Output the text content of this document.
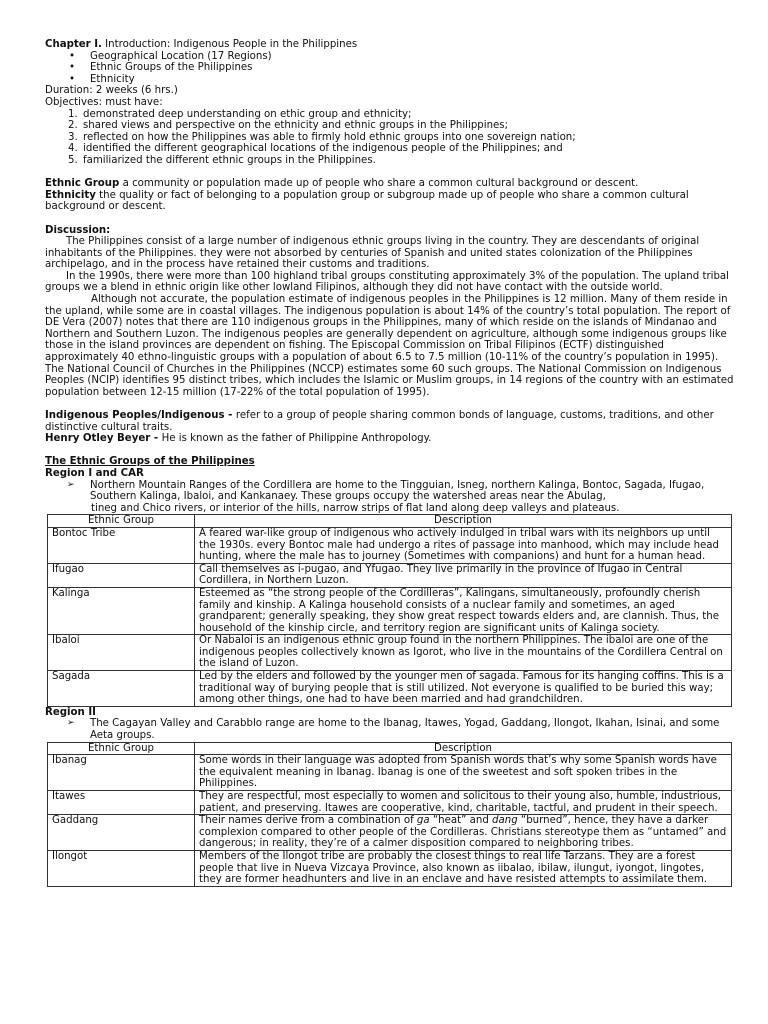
Chapter I. Introduction: Indigenous People in the Philippines

• Geographical Location (17 Regions)
• Ethnic Groups of the Philippines
• Ethnicity

Duration: 2 weeks (6 hrs.)

Objectives: must have:

1. demonstrated deep understanding on ethic group and ethnicity;
2. shared views and perspective on the ethnicity and ethnic groups in the Philippines;
3. reflected on how the Philippines was able to firmly hold ethnic groups into one sovereign nation;
4. identified the different geographical locations of the indigenous people of the Philippines; and
5. familiarized the different ethnic groups in the Philippines.

Ethnic Group a community or population made up of people who share a common cultural background or descent.

Ethnicity the quality or fact of belonging to a population group or subgroup made up of people who share a common cultural background or descent.

Discussion:

The Philippines consist of a large number of indigenous ethnic groups living in the country. They are descendants of original inhabitants of the Philippines. they were not absorbed by centuries of Spanish and united states colonization of the Philippines archipelago, and in the process have retained their customs and traditions.

In the 1990s, there were more than 100 highland tribal groups constituting approximately 3% of the population. The upland tribal groups we a blend in ethnic origin like other lowland Filipinos, although they did not have contact with the outside world.

Although not accurate, the population estimate of indigenous peoples in the Philippines is 12 million. Many of them reside in the upland, while some are in coastal villages. The indigenous population is about 14% of the country’s total population. The report of DE Vera (2007) notes that there are 110 indigenous groups in the Philippines, many of which reside on the islands of Mindanao and Northern and Southern Luzon. The indigenous peoples are generally dependent on agriculture, although some indigenous groups like those in the island provinces are dependent on fishing. The Episcopal Commission on Tribal Filipinos (ECTF) distinguished approximately 40 ethno-linguistic groups with a population of about 6.5 to 7.5 million (10-11% of the country’s population in 1995). The National Council of Churches in the Philippines (NCCP) estimates some 60 such groups. The National Commission on Indigenous Peoples (NCIP) identifies 95 distinct tribes, which includes the Islamic or Muslim groups, in 14 regions of the country with an estimated population between 12-15 million (17-22% of the total population of 1995).

Indigenous Peoples/Indigenous - refer to a group of people sharing common bonds of language, customs, traditions, and other distinctive cultural traits.

Henry Otley Beyer - He is known as the father of Philippine Anthropology.

The Ethnic Groups of the Philippines

Region I and CAR

➢	Northern Mountain Ranges of the Cordillera are home to the Tingguian, Isneg, northern Kalinga, Bontoc, Sagada, Ifugao, Southern Kalinga, Ibaloi, and Kankanaey. These groups occupy the watershed areas near the Abulag,

tineg and Chico rivers, or interior of the hills, narrow strips of flat land along deep valleys and plateaus.

Ethnic Group	Description
Bontoc Tribe	A feared war-like group of indigenous who actively indulged in tribal wars with its neighbors up until the 1930s. every Bontoc male had undergo a rites of passage into manhood, which may include head hunting, where the male has to journey (Sometimes with companions) and hunt for a human head.
Ifugao	Call themselves as i-pugao, and Yfugao. They live primarily in the province of Ifugao in Central Cordillera, in Northern Luzon.
Kalinga	Esteemed as “the strong people of the Cordilleras”, Kalingans, simultaneously, profoundly cherish family and kinship. A Kalinga household consists of a nuclear family and sometimes, an aged grandparent; generally speaking, they show great respect towards elders and, are clannish. Thus, the household of the kinship circle, and territory region are significant units of Kalinga society.
Ibaloi	Or Nabaloi is an indigenous ethnic group found in the northern Philippines. The ibaloi are one of the indigenous peoples collectively known as Igorot, who live in the mountains of the Cordillera Central on the island of Luzon.
Sagada	Led by the elders and followed by the younger men of sagada. Famous for its hanging coffins. This is a traditional way of burying people that is still utilized. Not everyone is qualified to be buried this way; among other things, one had to have been married and had grandchildren.

Region II

➢	The Cagayan Valley and Carabblo range are home to the Ibanag, Itawes, Yogad, Gaddang, Ilongot, Ikahan, Isinai, and some Aeta groups.

Ethnic Group	Description
Ibanag	Some words in their language was adopted from Spanish words that’s why some Spanish words have the equivalent meaning in Ibanag. Ibanag is one of the sweetest and soft spoken tribes in the Philippines.
Itawes	They are respectful, most especially to women and solicitous to their young also, humble, industrious, patient, and preserving. Itawes are cooperative, kind, charitable, tactful, and prudent in their speech.
Gaddang	Their names derive from a combination of ga “heat” and dang “burned”, hence, they have a darker complexion compared to other people of the Cordilleras. Christians stereotype them as “untamed” and dangerous; in reality, they’re of a calmer disposition compared to neighboring tribes.
Ilongot	Members of the Ilongot tribe are probably the closest things to real life Tarzans. They are a forest people that live in Nueva Vizcaya Province, also known as iibalao, ibilaw, ilungut, iyongot, lingotes, they are former headhunters and live in an enclave and have resisted attempts to assimilate them.
